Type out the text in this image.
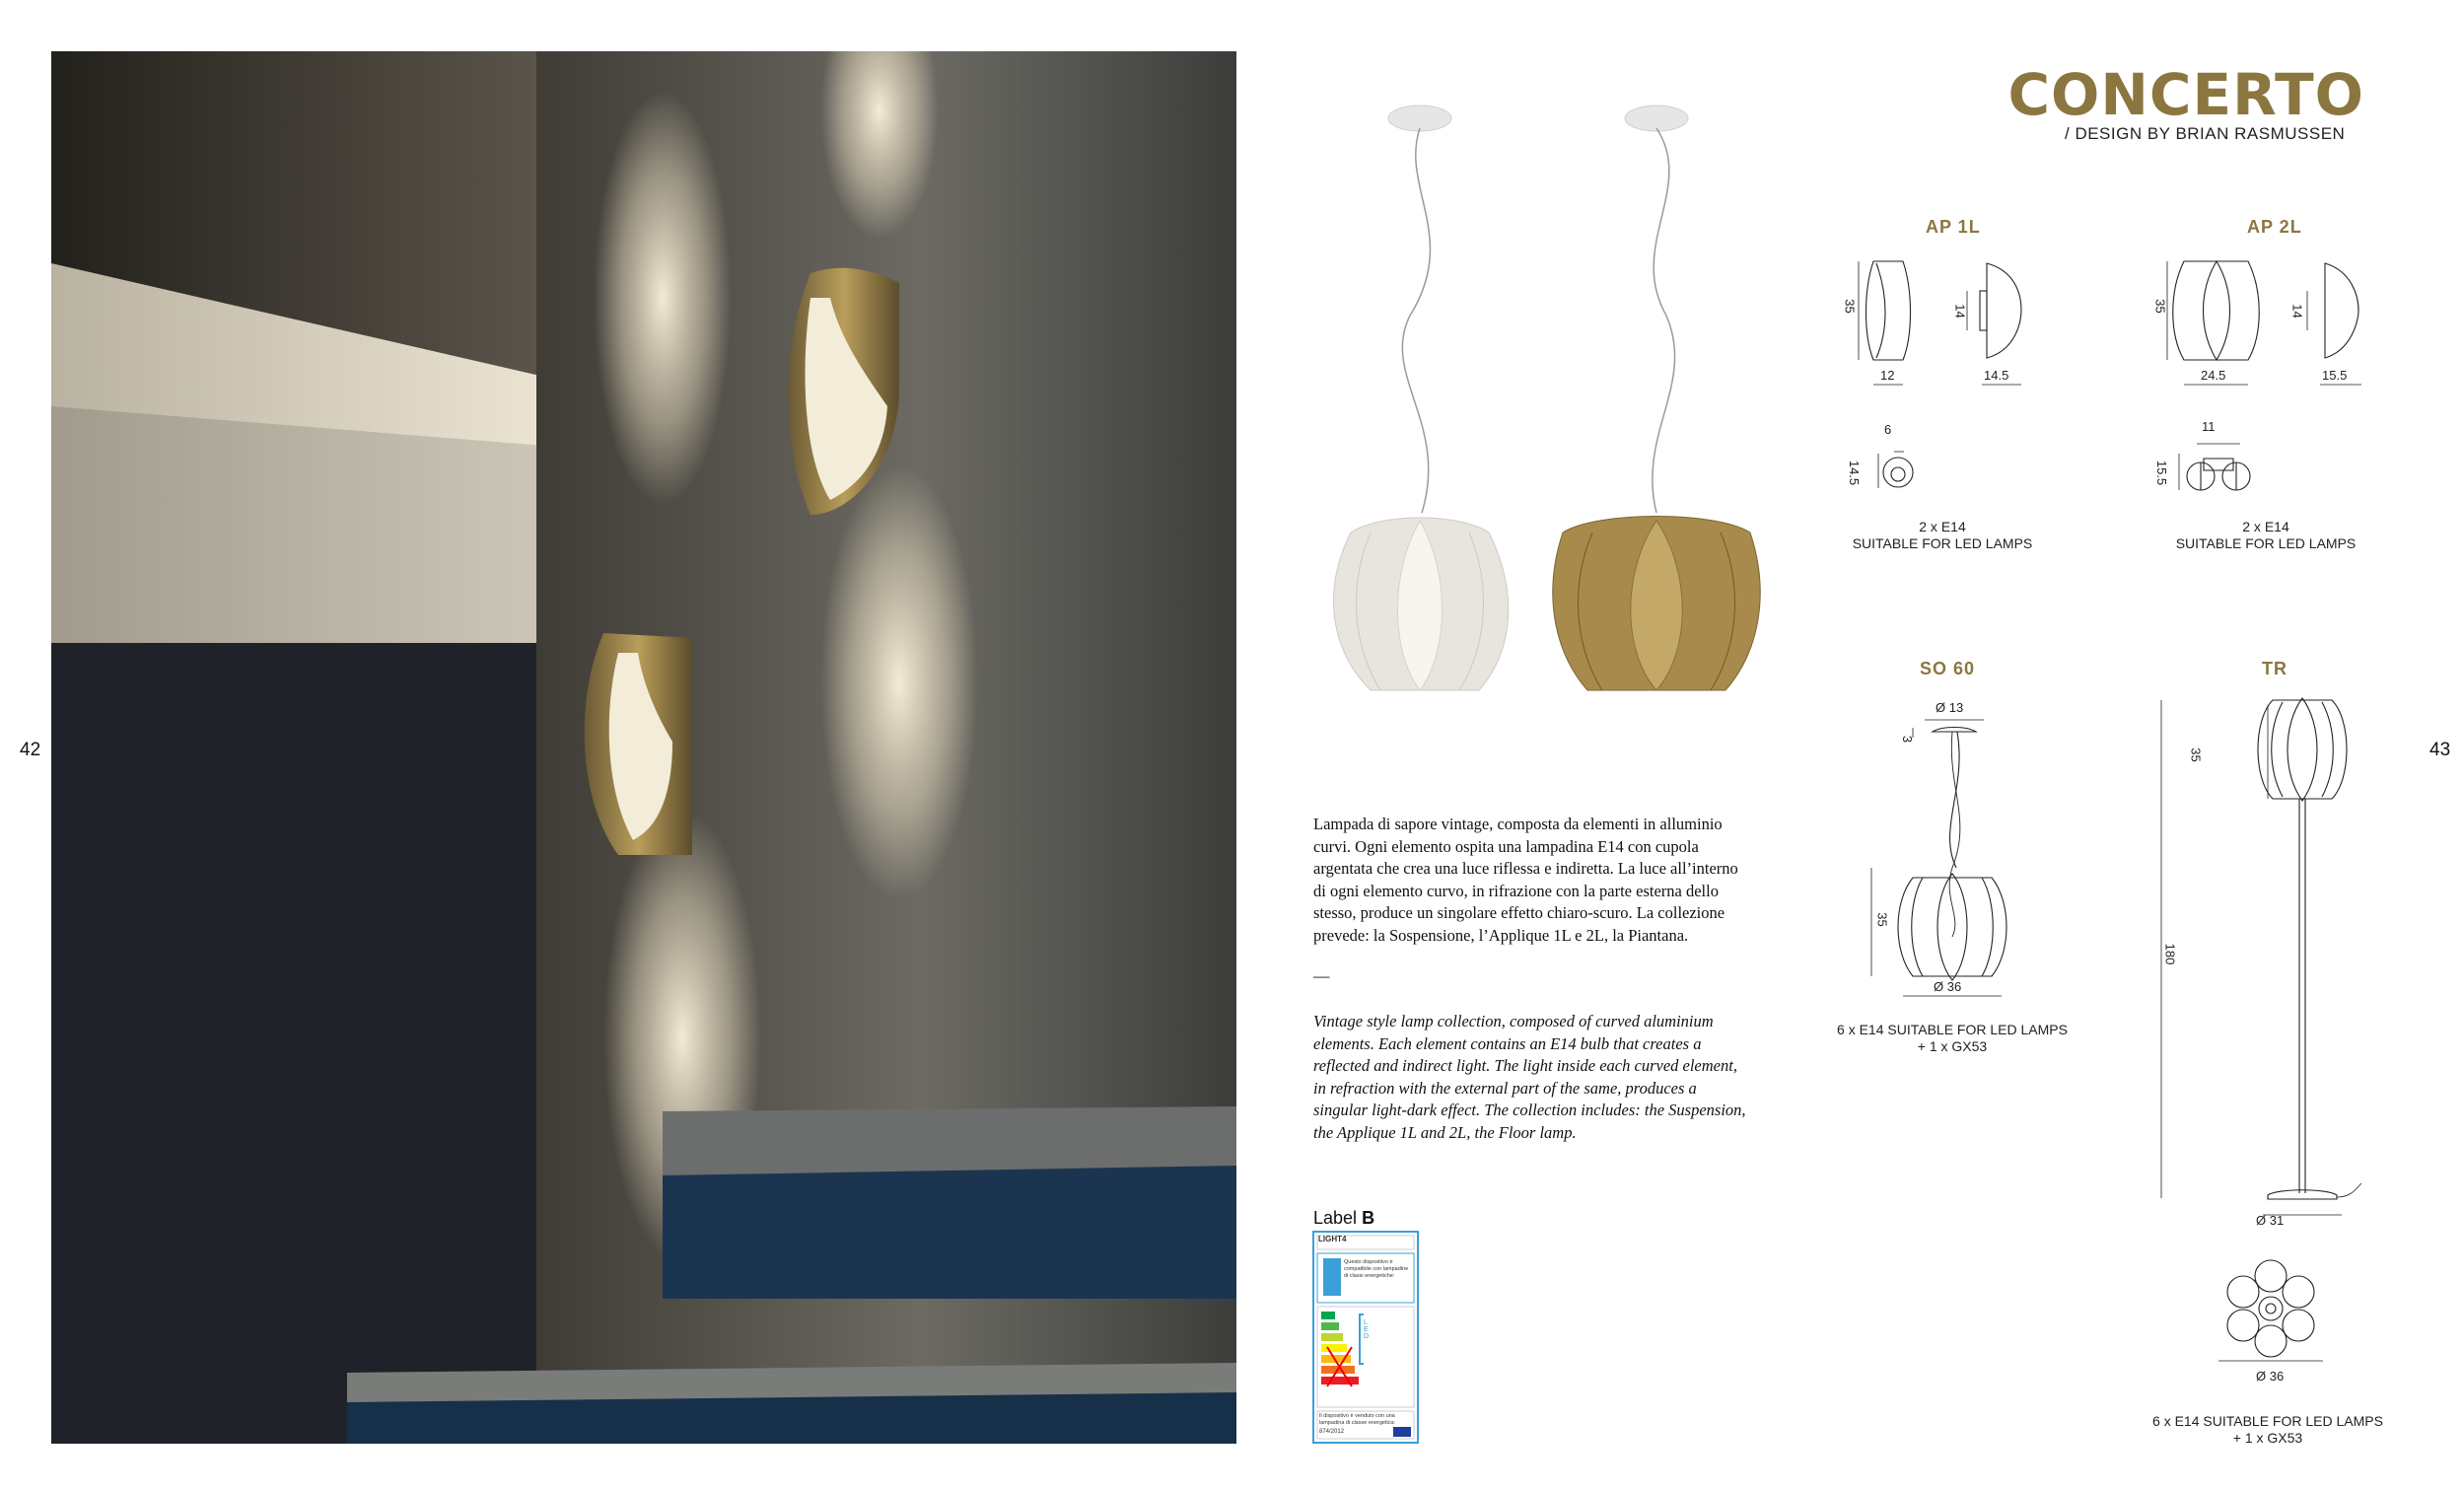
42	43
CONCERTO
/ DESIGN BY BRIAN RASMUSSEN
AP 1L
35
12
14
14.5
6
14.5
2 x E14
SUITABLE FOR LED LAMPS
AP 2L
35
24.5
14
15.5
11
15.5
2 x E14
SUITABLE FOR LED LAMPS
SO 60
Ø 13
3
35
Ø 36
6 x E14 SUITABLE FOR LED LAMPS
+ 1 x GX53
TR
35
180
Ø 31
Ø 36
6 x E14 SUITABLE FOR LED LAMPS
+ 1 x GX53
Lampada di sapore vintage, composta da elementi in alluminio curvi. Ogni elemento ospita una lampadina E14 con cupola argentata che crea una luce riflessa e indiretta. La luce all’interno di ogni elemento curvo, in rifrazione con la parte esterna dello stesso, produce un singolare effetto chiaro-scuro. La collezione prevede: la Sospensione, l’Applique 1L e 2L, la Piantana.
—
Vintage style lamp collection, composed of curved aluminium elements. Each element contains an E14 bulb that creates a reflected and indirect light. The light inside each curved element, in refraction with the external part of the same, produces a singular light-dark effect. The collection includes: the Suspension, the Applique 1L and 2L, the Floor lamp.
Label B
LIGHT4
Questo dispositivo è compatibile con lampadine di classi energetiche:
LED
Il dispositivo è venduto con una lampadina di classe energetica:
874/2012
